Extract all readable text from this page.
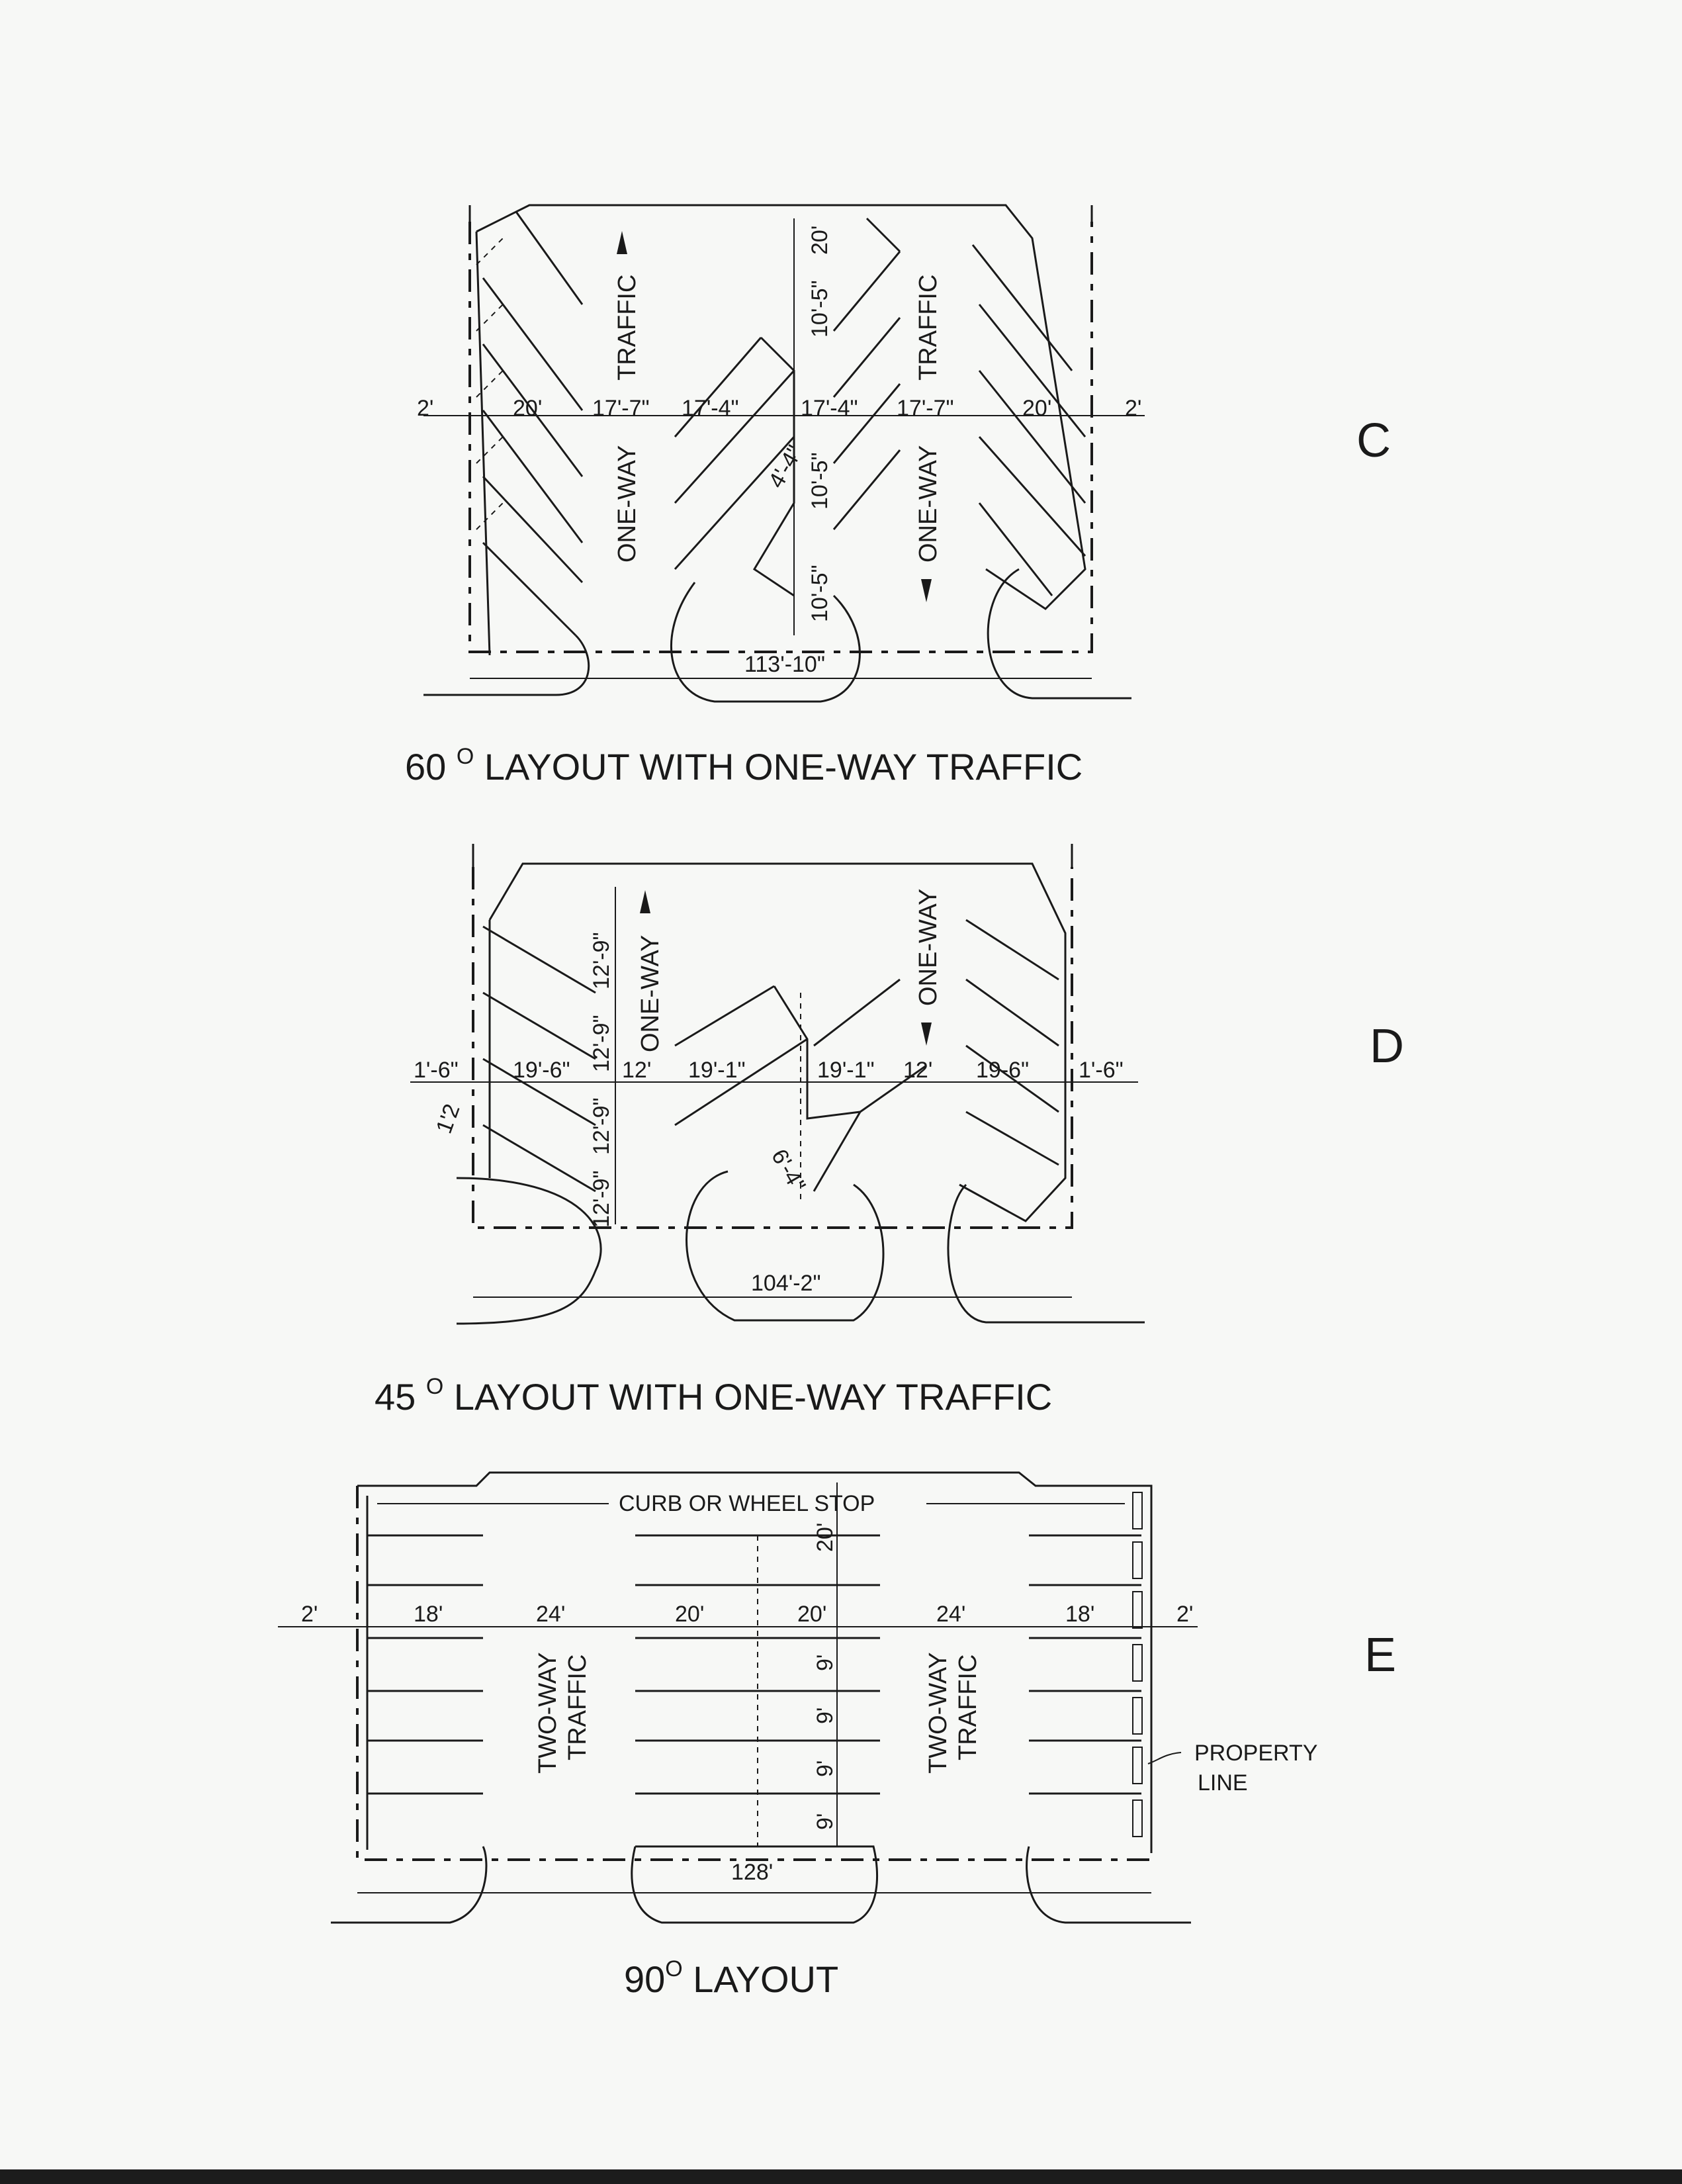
2'	20' 17'-7" 17'-4"	17'-4" 17'-7"	20'	2'
20'
10'-5"
10'-5"
10'-5"
4'-4"
113'-10"
TRAFFIC
ONE-WAY
TRAFFIC
ONE-WAY
C
60 $^O$ LAYOUT WITH ONE-WAY TRAFFIC
1'-6" 19'-6" 12' 19'-1"	19'-1" 12' 19-6" 1'-6"
12'-9"
12'-9"
12'-9"
12'-9"	6'-4"
1'2
104'-2"
ONE-WAY	ONE-WAY
D
45 $^O$ LAYOUT WITH ONE-WAY TRAFFIC
CURB OR WHEEL STOP
PROPERTY
LINE
2'	18'	24'	20'	20'	24'	18'	2'
20'
9'
9'
9'
9'
128'
TWO-WAY TRAFFIC	TWO-WAY TRAFFIC	E
$90^O$ LAYOUT
